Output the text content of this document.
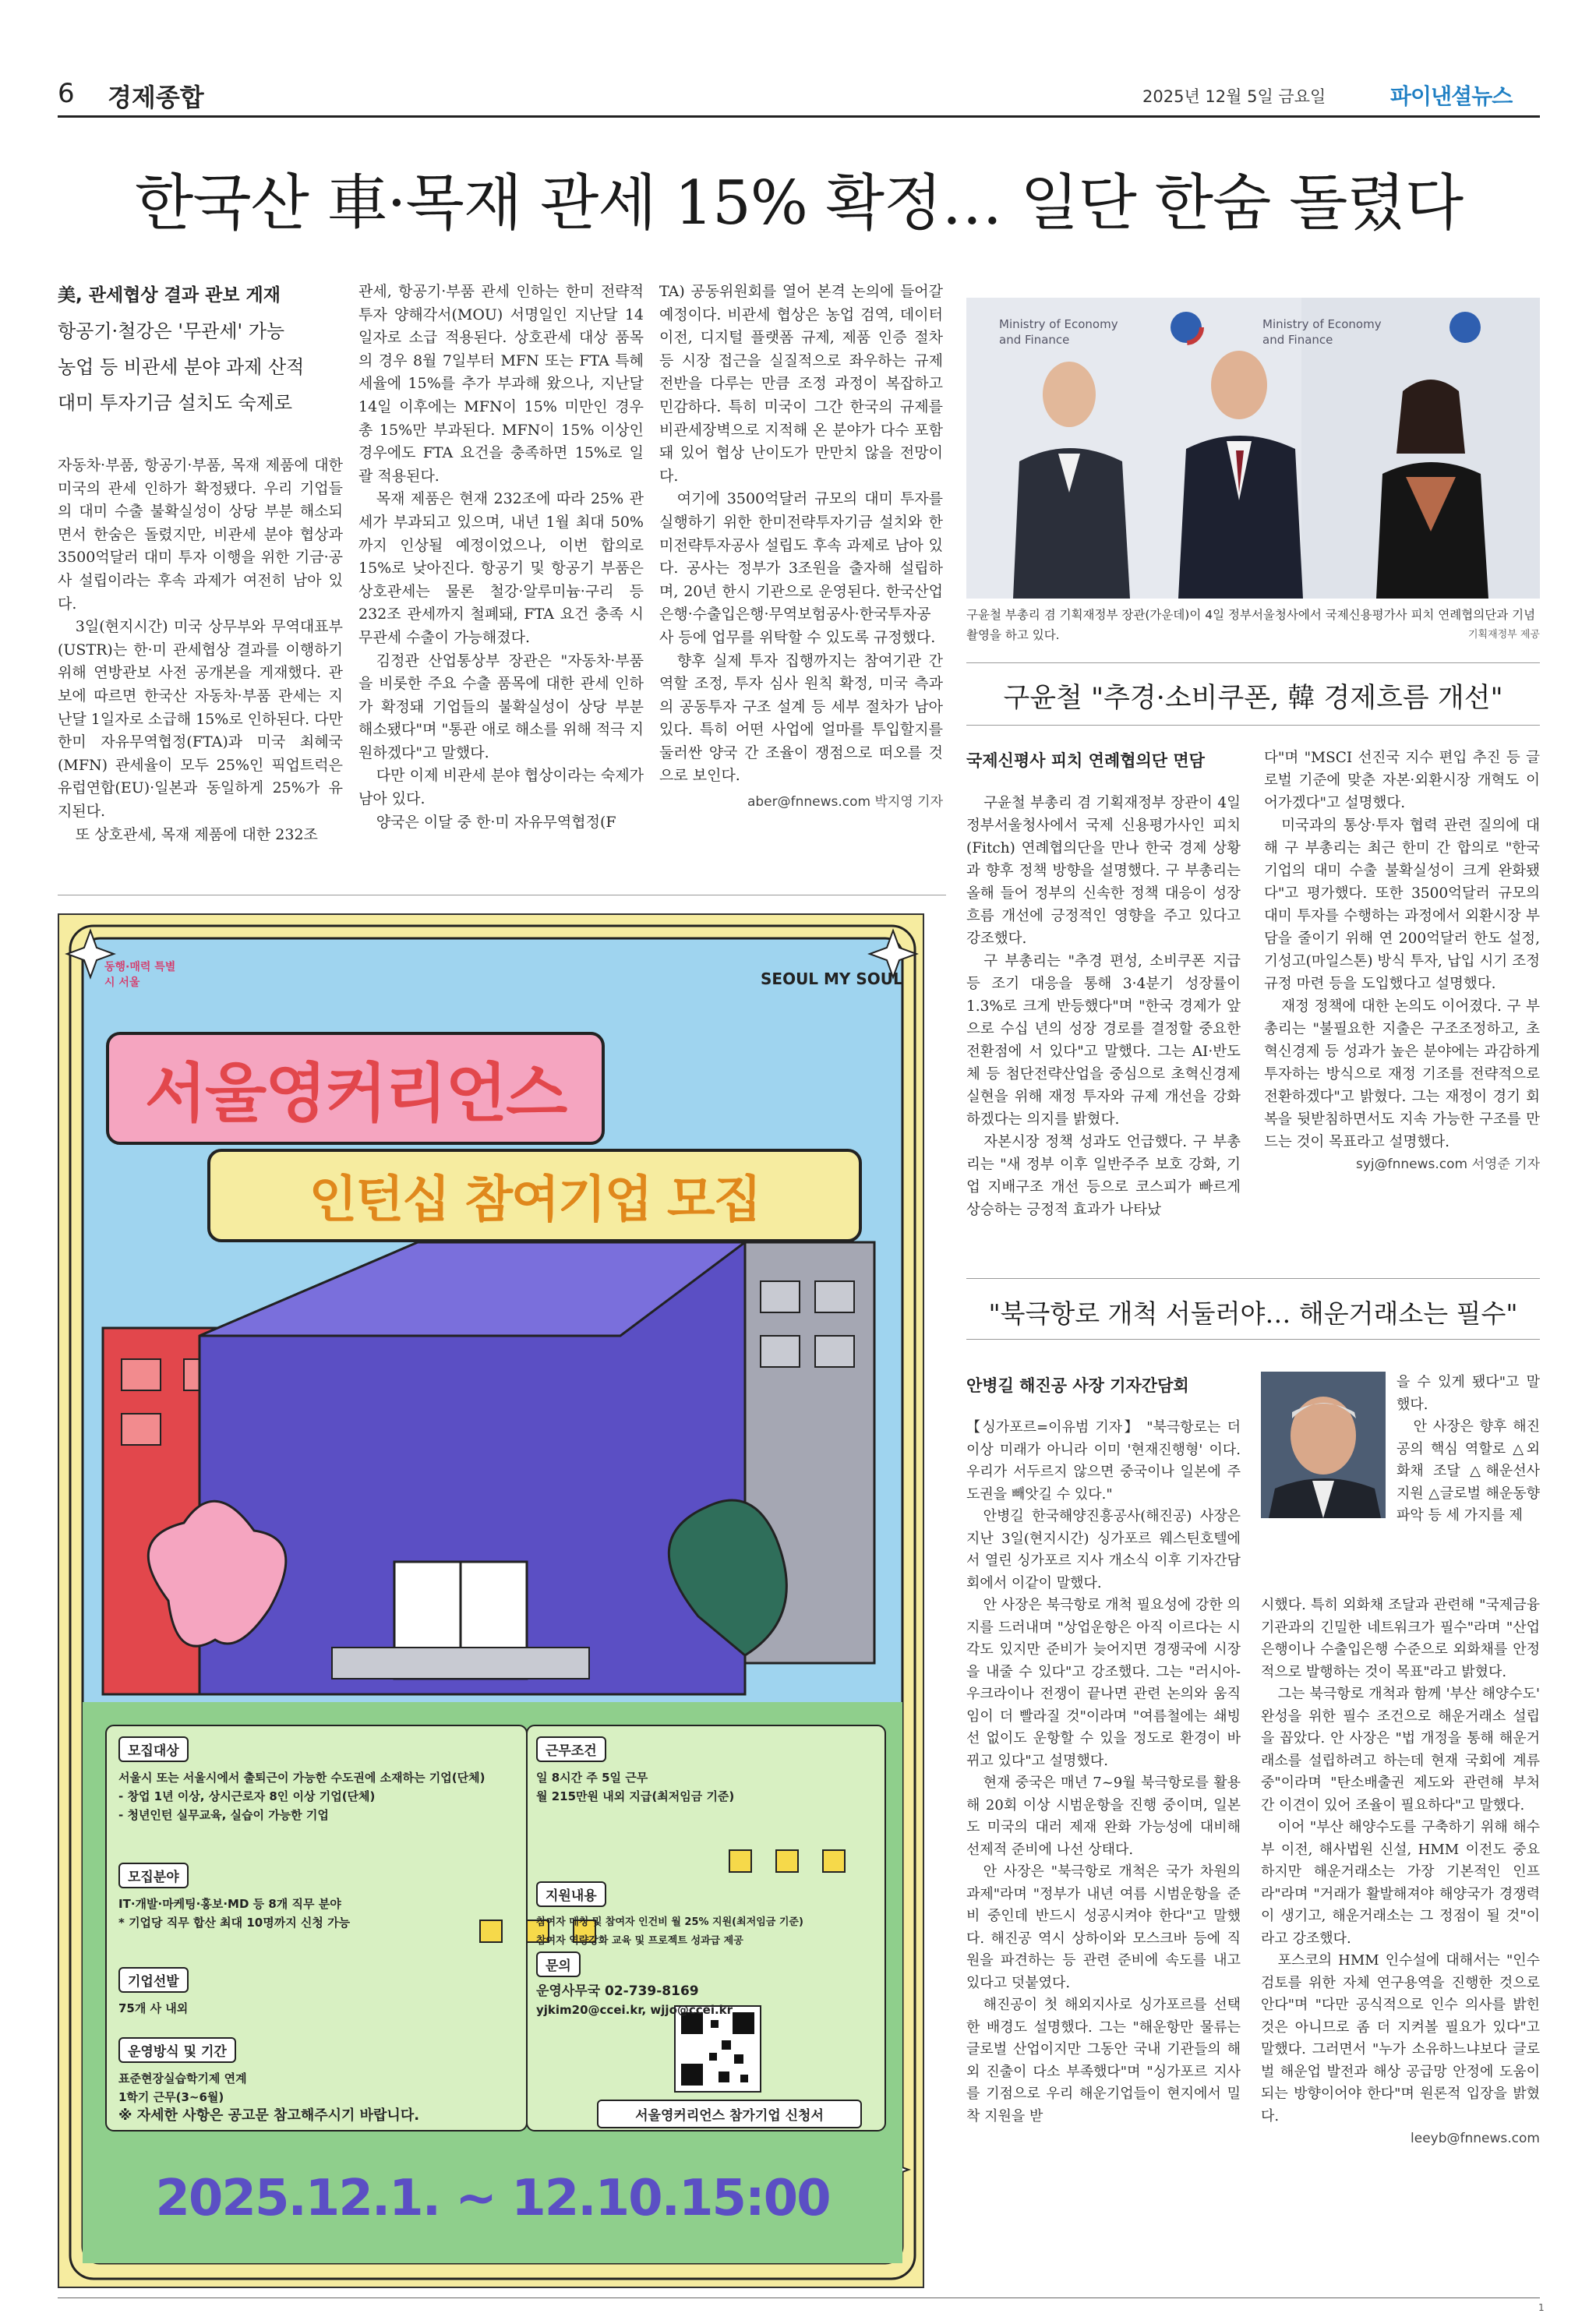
6 경제종합	2025년 12월 5일 금요일	파이낸셜뉴스
한국산 車·목재 관세 15% 확정… 일단 한숨 돌렸다
美, 관세협상 결과 관보 게재
항공기·철강은 '무관세' 가능
농업 등 비관세 분야 과제 산적
대미 투자기금 설치도 숙제로

자동차·부품, 항공기·부품, 목재 제품에 대한 미국의 관세 인하가 확정됐다. 우리 기업들의 대미 수출 불확실성이 상당 부분 해소되면서 한숨은 돌렸지만, 비관세 분야 협상과 3500억달러 대미 투자 이행을 위한 기금·공사 설립이라는 후속 과제가 여전히 남아 있다.

3일(현지시간) 미국 상무부와 무역대표부(USTR)는 한·미 관세협상 결과를 이행하기 위해 연방관보 사전 공개본을 게재했다. 관보에 따르면 한국산 자동차·부품 관세는 지난달 1일자로 소급해 15%로 인하된다. 다만 한미 자유무역협정(FTA)과 미국 최혜국(MFN) 관세율이 모두 25%인 픽업트럭은 유럽연합(EU)·일본과 동일하게 25%가 유지된다.

또 상호관세, 목재 제품에 대한 232조

관세, 항공기·부품 관세 인하는 한미 전략적 투자 양해각서(MOU) 서명일인 지난달 14일자로 소급 적용된다. 상호관세 대상 품목의 경우 8월 7일부터 MFN 또는 FTA 특혜세율에 15%를 추가 부과해 왔으나, 지난달 14일 이후에는 MFN이 15% 미만인 경우 총 15%만 부과된다. MFN이 15% 이상인 경우에도 FTA 요건을 충족하면 15%로 일괄 적용된다.

목재 제품은 현재 232조에 따라 25% 관세가 부과되고 있으며, 내년 1월 최대 50%까지 인상될 예정이었으나, 이번 합의로 15%로 낮아진다. 항공기 및 항공기 부품은 상호관세는 물론 철강·알루미늄·구리 등 232조 관세까지 철폐돼, FTA 요건 충족 시 무관세 수출이 가능해졌다.

김정관 산업통상부 장관은 "자동차·부품을 비롯한 주요 수출 품목에 대한 관세 인하가 확정돼 기업들의 불확실성이 상당 부분 해소됐다"며 "통관 애로 해소를 위해 적극 지원하겠다"고 말했다.

다만 이제 비관세 분야 협상이라는 숙제가 남아 있다.

양국은 이달 중 한·미 자유무역협정(F

TA) 공동위원회를 열어 본격 논의에 들어갈 예정이다. 비관세 협상은 농업 검역, 데이터 이전, 디지털 플랫폼 규제, 제품 인증 절차 등 시장 접근을 실질적으로 좌우하는 규제 전반을 다루는 만큼 조정 과정이 복잡하고 민감하다. 특히 미국이 그간 한국의 규제를 비관세장벽으로 지적해 온 분야가 다수 포함돼 있어 협상 난이도가 만만치 않을 전망이다.

여기에 3500억달러 규모의 대미 투자를 실행하기 위한 한미전략투자기금 설치와 한미전략투자공사 설립도 후속 과제로 남아 있다. 공사는 정부가 3조원을 출자해 설립하며, 20년 한시 기관으로 운영된다. 한국산업은행·수출입은행·무역보험공사·한국투자공사 등에 업무를 위탁할 수 있도록 규정했다.

향후 실제 투자 집행까지는 참여기관 간 역할 조정, 투자 심사 원칙 확정, 미국 측과의 공동투자 구조 설계 등 세부 절차가 남아있다. 특히 어떤 사업에 얼마를 투입할지를 둘러싼 양국 간 조율이 쟁점으로 떠오를 것으로 보인다.

aber@fnnews.com 박지영 기자
Ministry of Economy and Finance
Ministry of Economy and Finance
구윤철 부총리 겸 기획재정부 장관(가운데)이 4일 정부서울청사에서 국제신용평가사 피치 연례협의단과 기념촬영을 하고 있다.	기획재정부 제공
구윤철 "추경·소비쿠폰, 韓 경제흐름 개선"
국제신평사 피치 연례협의단 면담

구윤철 부총리 겸 기획재정부 장관이 4일 정부서울청사에서 국제 신용평가사인 피치(Fitch) 연례협의단을 만나 한국 경제 상황과 향후 정책 방향을 설명했다. 구 부총리는 올해 들어 정부의 신속한 정책 대응이 성장 흐름 개선에 긍정적인 영향을 주고 있다고 강조했다.

구 부총리는 "추경 편성, 소비쿠폰 지급 등 조기 대응을 통해 3·4분기 성장률이 1.3%로 크게 반등했다"며 "한국 경제가 앞으로 수십 년의 성장 경로를 결정할 중요한 전환점에 서 있다"고 말했다. 그는 AI·반도체 등 첨단전략산업을 중심으로 초혁신경제 실현을 위해 재정 투자와 규제 개선을 강화하겠다는 의지를 밝혔다.

자본시장 정책 성과도 언급했다. 구 부총리는 "새 정부 이후 일반주주 보호 강화, 기업 지배구조 개선 등으로 코스피가 빠르게 상승하는 긍정적 효과가 나타났

다"며 "MSCI 선진국 지수 편입 추진 등 글로벌 기준에 맞춘 자본·외환시장 개혁도 이어가겠다"고 설명했다.

미국과의 통상·투자 협력 관련 질의에 대해 구 부총리는 최근 한미 간 합의로 "한국 기업의 대미 수출 불확실성이 크게 완화됐다"고 평가했다. 또한 3500억달러 규모의 대미 투자를 수행하는 과정에서 외환시장 부담을 줄이기 위해 연 200억달러 한도 설정, 기성고(마일스톤) 방식 투자, 납입 시기 조정 규정 마련 등을 도입했다고 설명했다.

재정 정책에 대한 논의도 이어졌다. 구 부총리는 "불필요한 지출은 구조조정하고, 초혁신경제 등 성과가 높은 분야에는 과감하게 투자하는 방식으로 재정 기조를 전략적으로 전환하겠다"고 밝혔다. 그는 재정이 경기 회복을 뒷받침하면서도 지속 가능한 구조를 만드는 것이 목표라고 설명했다.

syj@fnnews.com 서영준 기자
"북극항로 개척 서둘러야… 해운거래소는 필수"
안병길 해진공 사장 기자간담회

【싱가포르=이유범 기자】 "북극항로는 더 이상 미래가 아니라 이미 '현재진행형' 이다. 우리가 서두르지 않으면 중국이나 일본에 주도권을 빼앗길 수 있다."

안병길 한국해양진흥공사(해진공) 사장은 지난 3일(현지시간) 싱가포르 웨스틴호텔에서 열린 싱가포르 지사 개소식 이후 기자간담회에서 이같이 말했다.

안 사장은 북극항로 개척 필요성에 강한 의지를 드러내며 "상업운항은 아직 이르다는 시각도 있지만 준비가 늦어지면 경쟁국에 시장을 내줄 수 있다"고 강조했다. 그는 "러시아-우크라이나 전쟁이 끝나면 관련 논의와 움직임이 더 빨라질 것"이라며 "여름철에는 쇄빙선 없이도 운항할 수 있을 정도로 환경이 바뀌고 있다"고 설명했다.

현재 중국은 매년 7~9월 북극항로를 활용해 20회 이상 시범운항을 진행 중이며, 일본도 미국의 대러 제재 완화 가능성에 대비해 선제적 준비에 나선 상태다.

안 사장은 "북극항로 개척은 국가 차원의 과제"라며 "정부가 내년 여름 시범운항을 준비 중인데 반드시 성공시켜야 한다"고 말했다. 해진공 역시 상하이와 모스크바 등에 직원을 파견하는 등 관련 준비에 속도를 내고 있다고 덧붙였다.

해진공이 첫 해외지사로 싱가포르를 선택한 배경도 설명했다. 그는 "해운항만 물류는 글로벌 산업이지만 그동안 국내 기관들의 해외 진출이 다소 부족했다"며 "싱가포르 지사를 기점으로 우리 해운기업들이 현지에서 밀착 지원을 받

을 수 있게 됐다"고 말했다.

안 사장은 향후 해진공의 핵심 역할로 △외화채 조달 △해운선사 지원 △글로벌 해운동향 파악 등 세 가지를 제

시했다. 특히 외화채 조달과 관련해 "국제금융기관과의 긴밀한 네트워크가 필수"라며 "산업은행이나 수출입은행 수준으로 외화채를 안정적으로 발행하는 것이 목표"라고 밝혔다.

그는 북극항로 개척과 함께 '부산 해양수도' 완성을 위한 필수 조건으로 해운거래소 설립을 꼽았다. 안 사장은 "법 개정을 통해 해운거래소를 설립하려고 하는데 현재 국회에 계류 중"이라며 "탄소배출권 제도와 관련해 부처 간 이견이 있어 조율이 필요하다"고 말했다.

이어 "부산 해양수도를 구축하기 위해 해수부 이전, 해사법원 신설, HMM 이전도 중요하지만 해운거래소는 가장 기본적인 인프라"라며 "거래가 활발해져야 해양국가 경쟁력이 생기고, 해운거래소는 그 정점이 될 것"이라고 강조했다.

포스코의 HMM 인수설에 대해서는 "인수 검토를 위한 자체 연구용역을 진행한 것으로 안다"며 "다만 공식적으로 인수 의사를 밝힌 것은 아니므로 좀 더 지켜볼 필요가 있다"고 말했다. 그러면서 "누가 소유하느냐보다 글로벌 해운업 발전과 해상 공급망 안정에 도움이 되는 방향이어야 한다"며 원론적 입장을 밝혔다.

leeyb@fnnews.com
동행·매력 특별시 서울	SEOUL MY SOUL
서울영커리언스
인턴십 참여기업 모집
모집대상
서울시 또는 서울시에서 출퇴근이 가능한 수도권에 소재하는 기업(단체)
- 창업 1년 이상, 상시근로자 8인 이상 기업(단체)
- 청년인턴 실무교육, 실습이 가능한 기업
모집분야
IT·개발·마케팅·홍보·MD 등 8개 직무 분야
* 기업당 직무 합산 최대 10명까지 신청 가능
기업선발
75개 사 내외
운영방식 및 기간
표준현장실습학기제 연계
1학기 근무(3~6월)
※ 자세한 사항은 공고문 참고해주시기 바랍니다.
근무조건
일 8시간 주 5일 근무
월 215만원 내외 지급(최저임금 기준)
지원내용
참여자 매칭 및 참여자 인건비 월 25% 지원(최저임금 기준)
참여자 역량강화 교육 및 프로젝트 성과급 제공
문의
운영사무국 02-739-8169
yjkim20@ccei.kr, wjjo@ccei.kr
서울영커리언스 참가기업 신청서
2025.12.1. ~ 12.10.15:00
1
